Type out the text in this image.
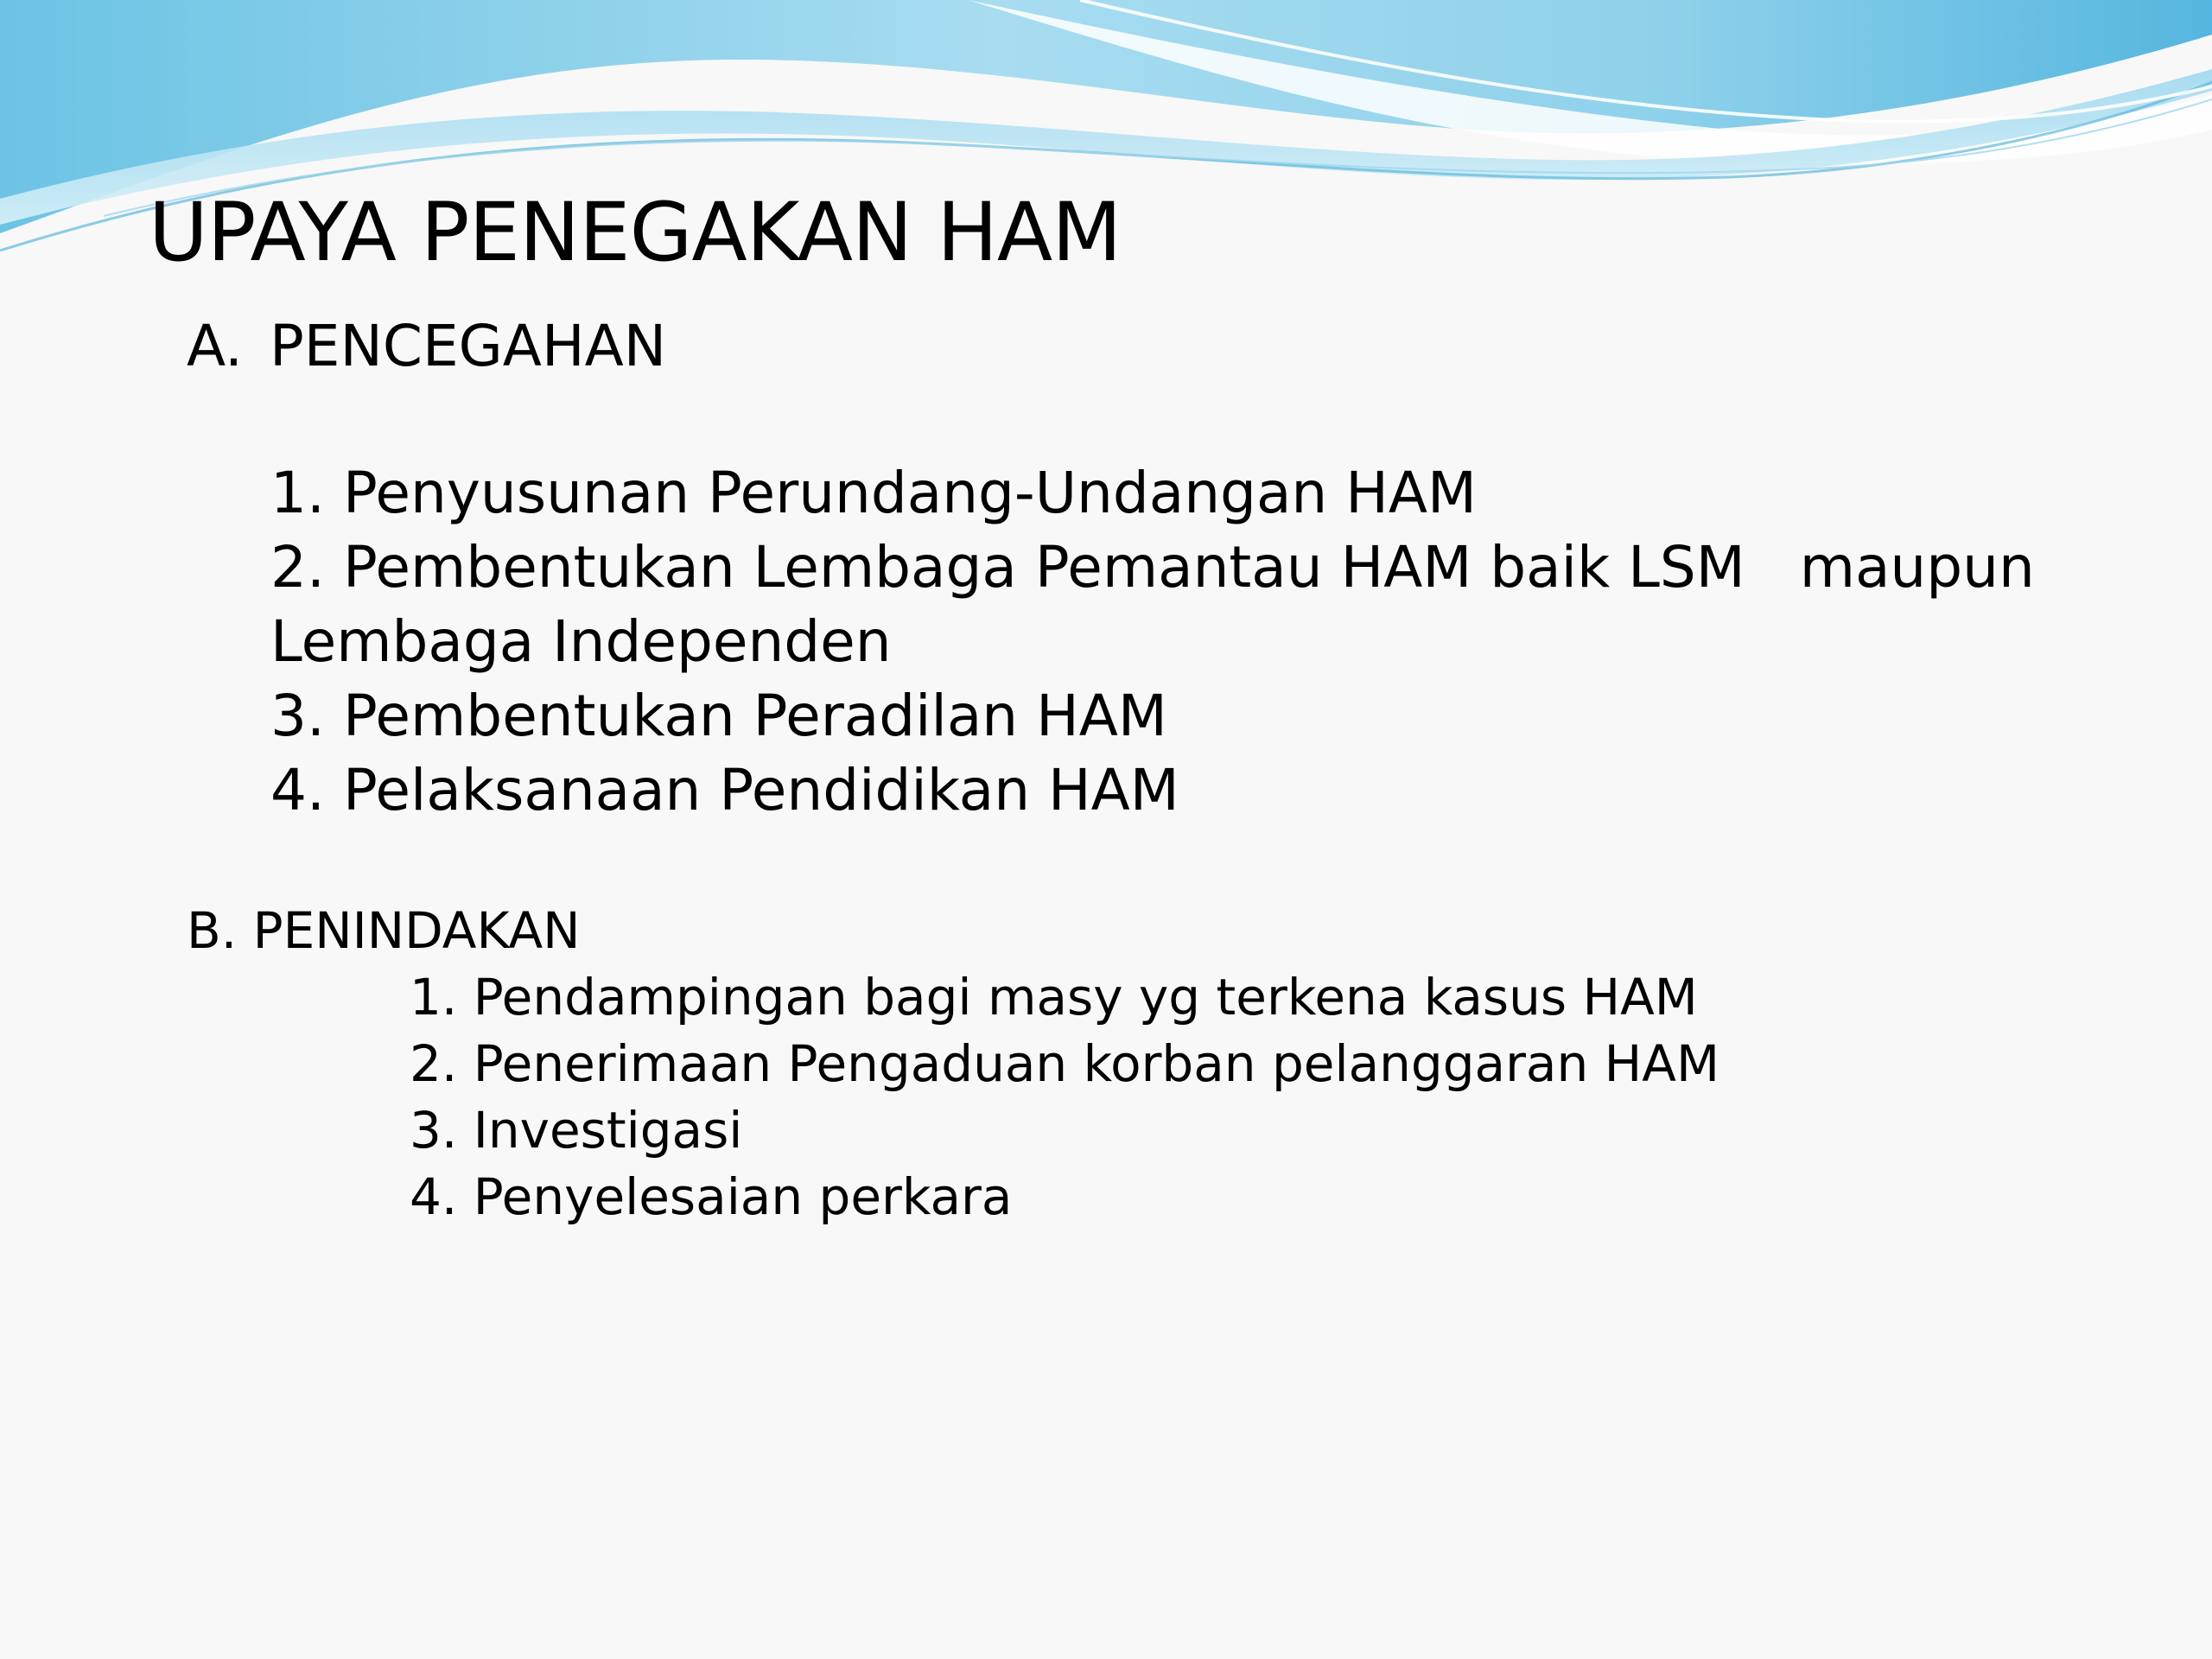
UPAYA PENEGAKAN HAM
A. PENCEGAHAN
1. Penyusunan Perundang-Undangan HAM
2. Pembentukan Lembaga Pemantau HAM baik LSM   maupun
Lembaga Independen
3. Pembentukan Peradilan HAM
4. Pelaksanaan Pendidikan HAM
B. PENINDAKAN
1. Pendampingan bagi masy yg terkena kasus HAM
2. Penerimaan Pengaduan korban pelanggaran HAM
3. Investigasi
4. Penyelesaian perkara
